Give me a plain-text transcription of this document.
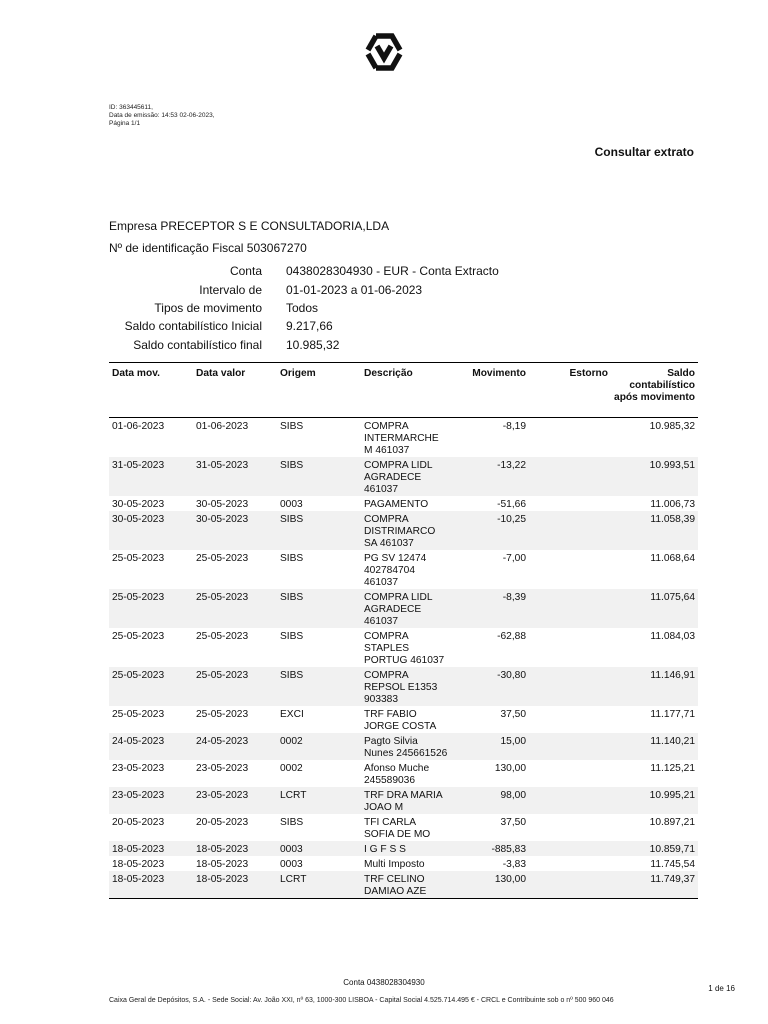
ID: 363445611,
Data de emissão: 14:53 02-06-2023,
Página 1/1
Consultar extrato
Empresa PRECEPTOR S E CONSULTADORIA,LDA
Nº de identificação Fiscal 503067270
Conta 0438028304930 - EUR - Conta Extracto
Intervalo de 01-01-2023 a 01-06-2023
Tipos de movimento Todos
Saldo contabilístico Inicial 9.217,66
Saldo contabilístico final 10.985,32
Data mov.	Data valor	Origem	Descrição	Movimento	Estorno	Saldo contabilístico após movimento
01-06-2023	01-06-2023	SIBS	COMPRA INTERMARCHE M 461037	-8,19		10.985,32
31-05-2023	31-05-2023	SIBS	COMPRA LIDL AGRADECE 461037	-13,22		10.993,51
30-05-2023	30-05-2023	0003	PAGAMENTO	-51,66		11.006,73
30-05-2023	30-05-2023	SIBS	COMPRA DISTRIMARCO SA 461037	-10,25		11.058,39
25-05-2023	25-05-2023	SIBS	PG SV 12474 402784704 461037	-7,00		11.068,64
25-05-2023	25-05-2023	SIBS	COMPRA LIDL AGRADECE 461037	-8,39		11.075,64
25-05-2023	25-05-2023	SIBS	COMPRA STAPLES PORTUG 461037	-62,88		11.084,03
25-05-2023	25-05-2023	SIBS	COMPRA REPSOL E1353 903383	-30,80		11.146,91
25-05-2023	25-05-2023	EXCI	TRF FABIO JORGE COSTA	37,50		11.177,71
24-05-2023	24-05-2023	0002	Pagto Silvia Nunes 245661526	15,00		11.140,21
23-05-2023	23-05-2023	0002	Afonso Muche 245589036	130,00		11.125,21
23-05-2023	23-05-2023	LCRT	TRF DRA MARIA JOAO M	98,00		10.995,21
20-05-2023	20-05-2023	SIBS	TFI CARLA SOFIA DE MO	37,50		10.897,21
18-05-2023	18-05-2023	0003	I G F S S	-885,83		10.859,71
18-05-2023	18-05-2023	0003	Multi Imposto	-3,83		11.745,54
18-05-2023	18-05-2023	LCRT	TRF CELINO DAMIAO AZE	130,00		11.749,37
Conta 0438028304930
1 de 16
Caixa Geral de Depósitos, S.A. - Sede Social: Av. João XXI, nº 63, 1000-300 LISBOA - Capital Social 4.525.714.495 € - CRCL e Contribuinte sob o nº 500 960 046
